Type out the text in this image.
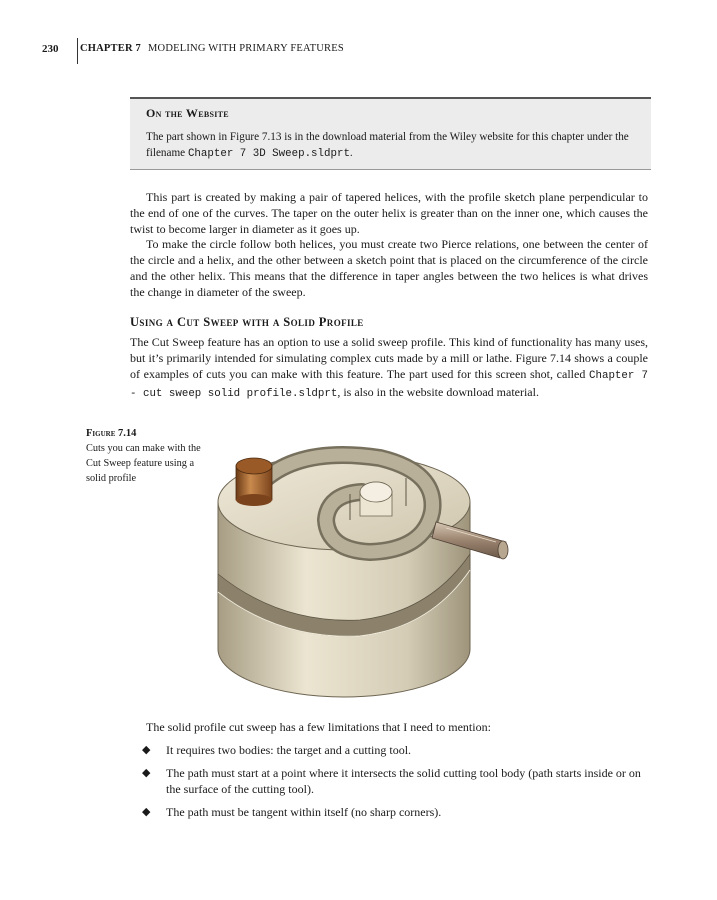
230 CHAPTER 7 MODELING WITH PRIMARY FEATURES
On the Website
The part shown in Figure 7.13 is in the download material from the Wiley website for this chapter under the filename Chapter 7 3D Sweep.sldprt.
This part is created by making a pair of tapered helices, with the profile sketch plane perpendicular to the end of one of the curves. The taper on the outer helix is greater than on the inner one, which causes the twist to become larger in diameter as it goes up.
To make the circle follow both helices, you must create two Pierce relations, one between the center of the circle and a helix, and the other between a sketch point that is placed on the circumference of the circle and the other helix. This means that the difference in taper angles between the two helices is what drives the change in diameter of the sweep.
Using a Cut Sweep with a Solid Profile
The Cut Sweep feature has an option to use a solid sweep profile. This kind of functionality has many uses, but it’s primarily intended for simulating complex cuts made by a mill or lathe. Figure 7.14 shows a couple of examples of cuts you can make with this feature. The part used for this screen shot, called Chapter 7 - cut sweep solid profile.sldprt, is also in the website download material.
Figure 7.14
Cuts you can make with the Cut Sweep feature using a solid profile
The solid profile cut sweep has a few limitations that I need to mention:
◆ It requires two bodies: the target and a cutting tool.
◆ The path must start at a point where it intersects the solid cutting tool body (path starts inside or on the surface of the cutting tool).
◆ The path must be tangent within itself (no sharp corners).
